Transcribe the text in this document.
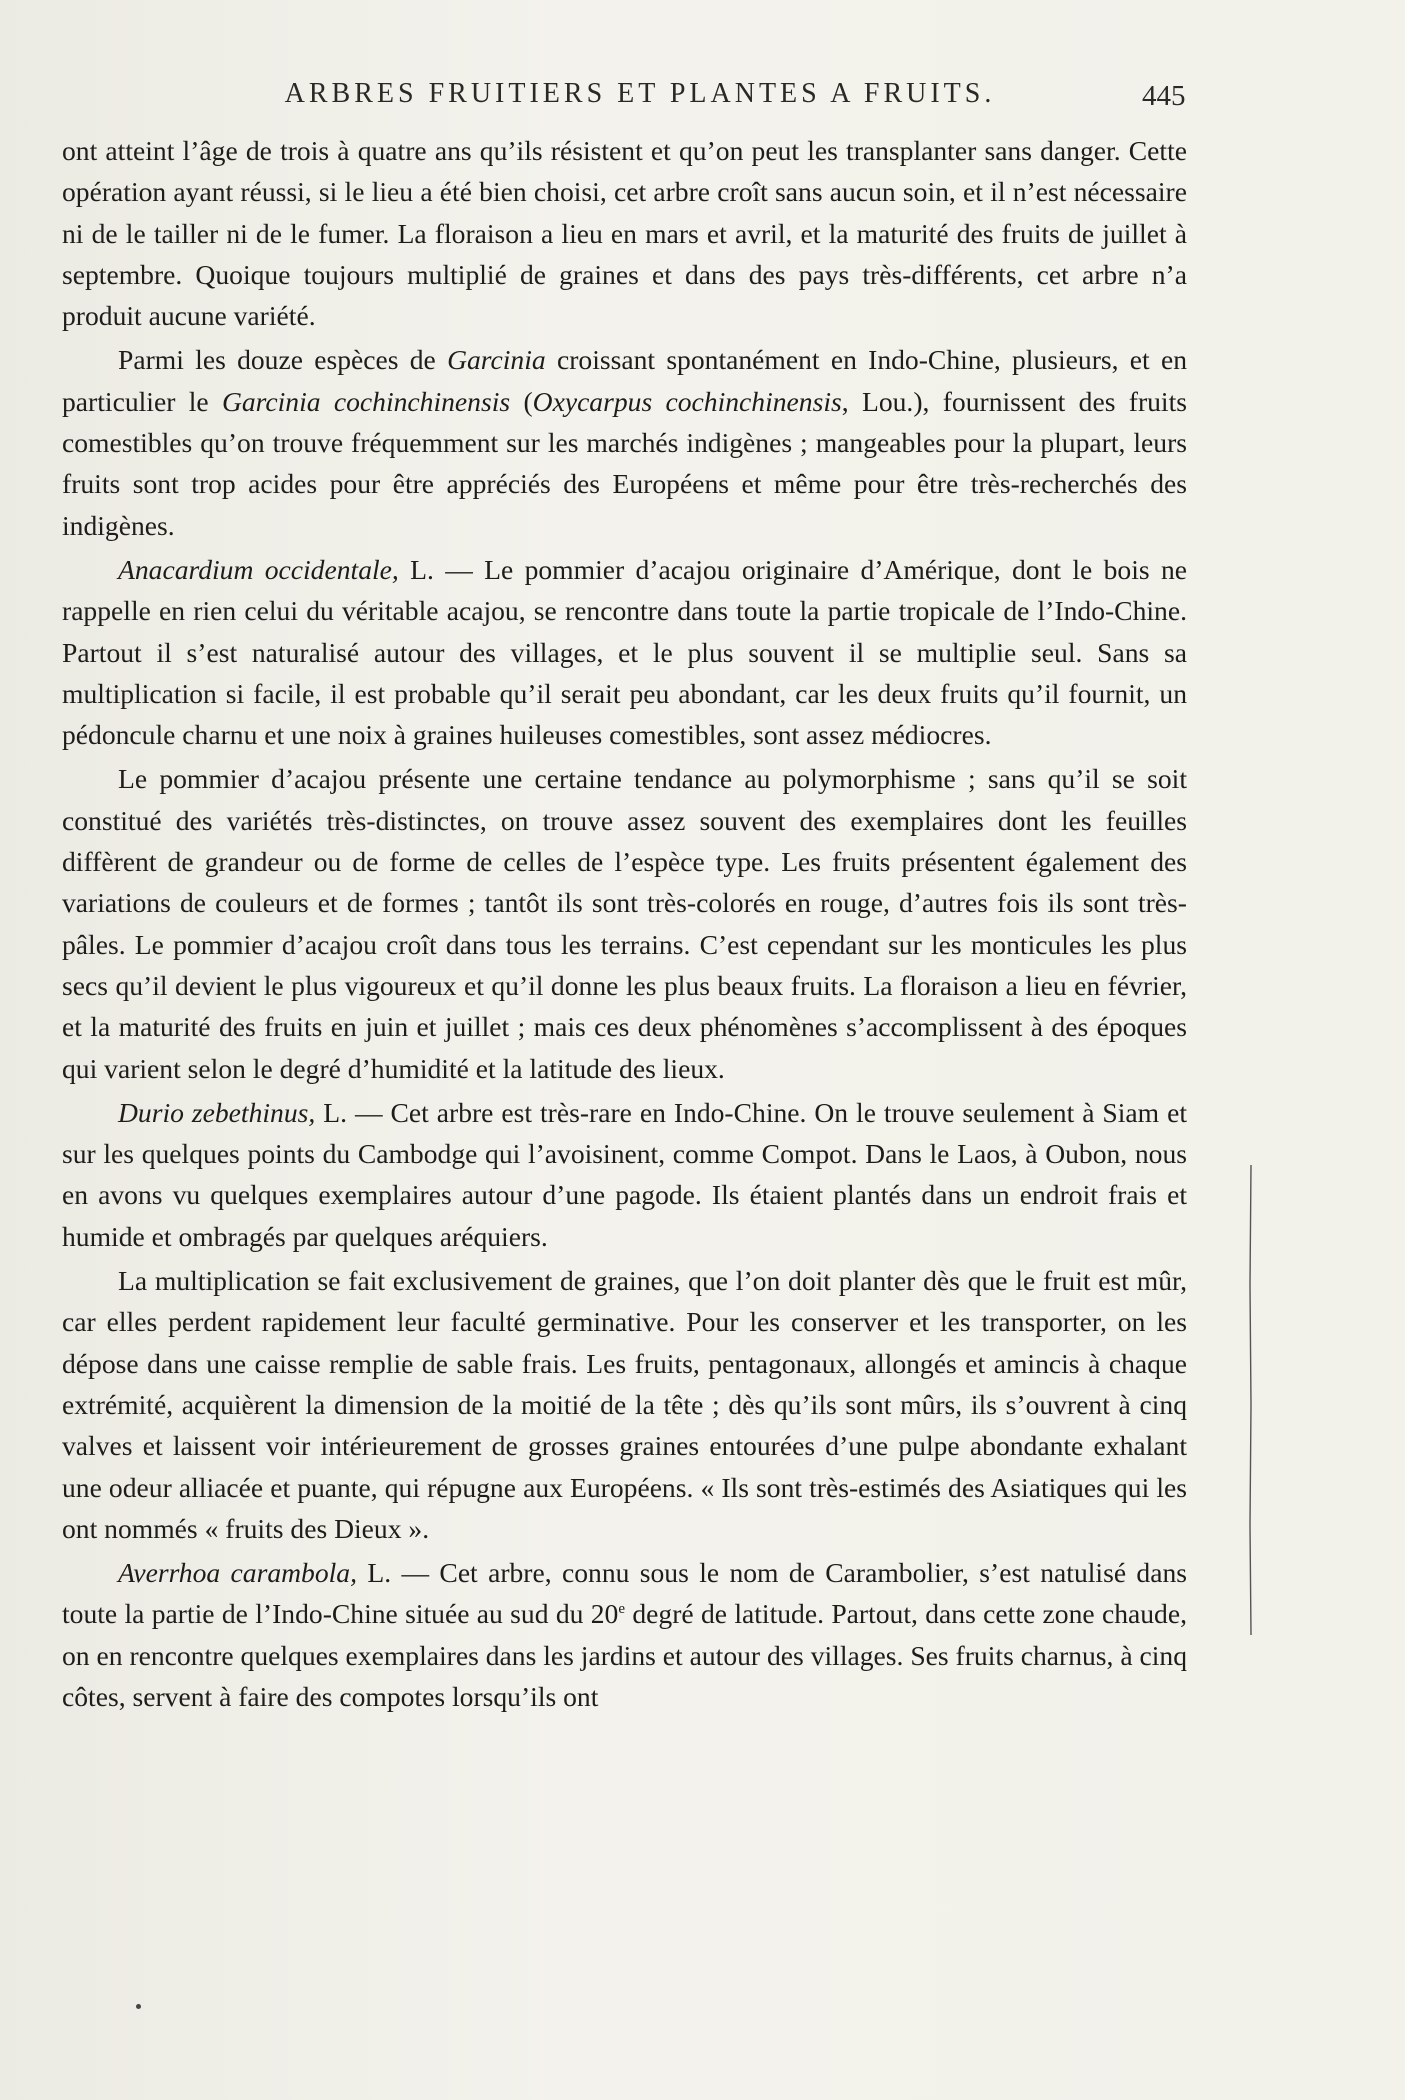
ARBRES FRUITIERS ET PLANTES A FRUITS.	445

ont atteint l’âge de trois à quatre ans qu’ils résistent et qu’on peut les transplanter sans danger. Cette opération ayant réussi, si le lieu a été bien choisi, cet arbre croît sans aucun soin, et il n’est nécessaire ni de le tailler ni de le fumer. La floraison a lieu en mars et avril, et la maturité des fruits de juillet à septembre. Quoique toujours multiplié de graines et dans des pays très-différents, cet arbre n’a produit aucune variété.

Parmi les douze espèces de Garcinia croissant spontanément en Indo-Chine, plusieurs, et en particulier le Garcinia cochinchinensis (Oxycarpus cochinchinensis, Lou.), fournissent des fruits comestibles qu’on trouve fréquemment sur les marchés indigènes ; mangeables pour la plupart, leurs fruits sont trop acides pour être appréciés des Européens et même pour être très-recherchés des indigènes.

Anacardium occidentale, L. — Le pommier d’acajou originaire d’Amérique, dont le bois ne rappelle en rien celui du véritable acajou, se rencontre dans toute la partie tropicale de l’Indo-Chine. Partout il s’est naturalisé autour des villages, et le plus souvent il se multiplie seul. Sans sa multiplication si facile, il est probable qu’il serait peu abondant, car les deux fruits qu’il fournit, un pédoncule charnu et une noix à graines huileuses comestibles, sont assez médiocres.

Le pommier d’acajou présente une certaine tendance au polymorphisme ; sans qu’il se soit constitué des variétés très-distinctes, on trouve assez souvent des exemplaires dont les feuilles diffèrent de grandeur ou de forme de celles de l’espèce type. Les fruits présentent également des variations de couleurs et de formes ; tantôt ils sont très-colorés en rouge, d’autres fois ils sont très-pâles. Le pommier d’acajou croît dans tous les terrains. C’est cependant sur les monticules les plus secs qu’il devient le plus vigoureux et qu’il donne les plus beaux fruits. La floraison a lieu en février, et la maturité des fruits en juin et juillet ; mais ces deux phénomènes s’accomplissent à des époques qui varient selon le degré d’humidité et la latitude des lieux.

Durio zebethinus, L. — Cet arbre est très-rare en Indo-Chine. On le trouve seulement à Siam et sur les quelques points du Cambodge qui l’avoisinent, comme Compot. Dans le Laos, à Oubon, nous en avons vu quelques exemplaires autour d’une pagode. Ils étaient plantés dans un endroit frais et humide et ombragés par quelques aréquiers.

La multiplication se fait exclusivement de graines, que l’on doit planter dès que le fruit est mûr, car elles perdent rapidement leur faculté germinative. Pour les conserver et les transporter, on les dépose dans une caisse remplie de sable frais. Les fruits, pentagonaux, allongés et amincis à chaque extrémité, acquièrent la dimension de la moitié de la tête ; dès qu’ils sont mûrs, ils s’ouvrent à cinq valves et laissent voir intérieurement de grosses graines entourées d’une pulpe abondante exhalant une odeur alliacée et puante, qui répugne aux Européens. « Ils sont très-estimés des Asiatiques qui les ont nommés « fruits des Dieux ».

Averrhoa carambola, L. — Cet arbre, connu sous le nom de Carambolier, s’est natulisé dans toute la partie de l’Indo-Chine située au sud du 20e degré de latitude. Partout, dans cette zone chaude, on en rencontre quelques exemplaires dans les jardins et autour des villages. Ses fruits charnus, à cinq côtes, servent à faire des compotes lorsqu’ils ont
